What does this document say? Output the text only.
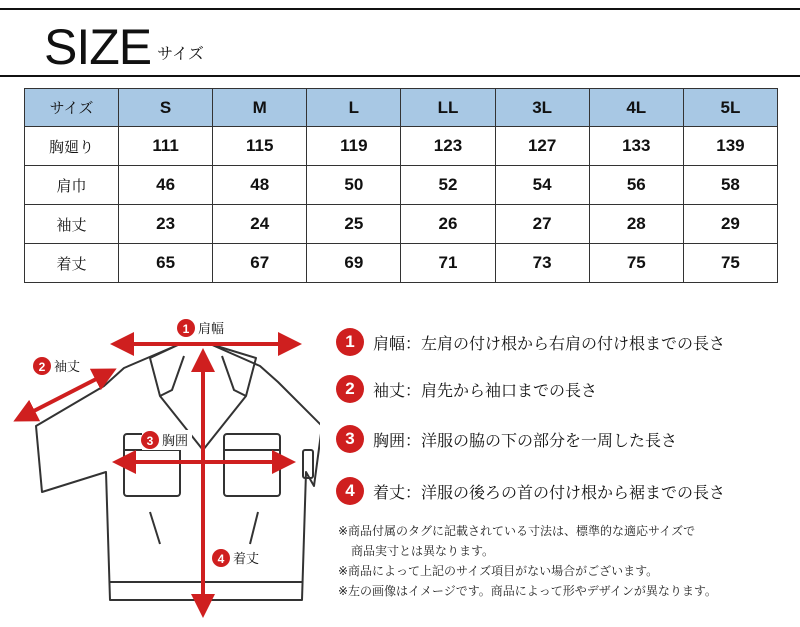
SIZE サイズ
サイズ	S	M	L	LL	3L	4L	5L
胸廻り	111	115	119	123	127	133	139
肩巾	46	48	50	52	54	56	58
袖丈	23	24	25	26	27	28	29
着丈	65	67	69	71	73	75	75
1 肩幅
2 袖丈
3 胸囲
4 着丈
1	肩幅：左肩の付け根から右肩の付け根までの長さ
2	袖丈：肩先から袖口までの長さ
3	胸囲：洋服の脇の下の部分を一周した長さ
4	着丈：洋服の後ろの首の付け根から裾までの長さ

※商品付属のタグに記載されている寸法は、標準的な適応サイズで

商品実寸とは異なります。

※商品によって上記のサイズ項目がない場合がございます。

※左の画像はイメージです。商品によって形やデザインが異なります。
